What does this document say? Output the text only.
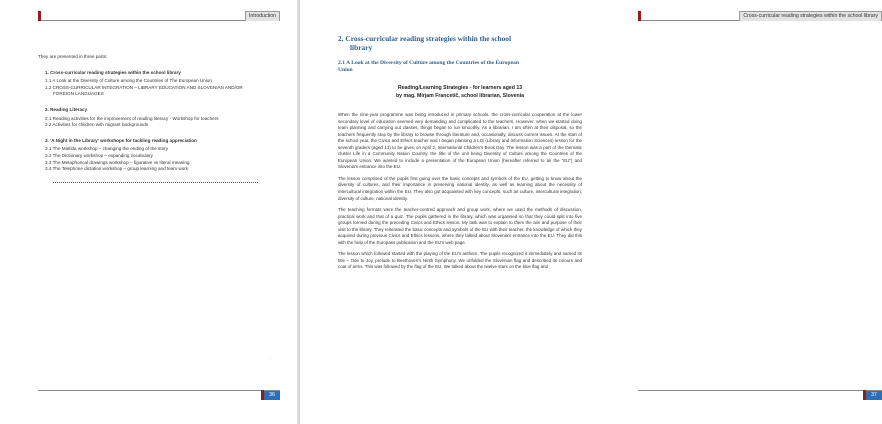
Introduction
They are presented in three parts:
1. Cross-curricular reading strategies within the school library
1.1 A Look at the Diversity of Culture among the Countries of The European Union
1.2 CROSS-CURRICULAR INTEGRATION – LIBRARY EDUCATION AND SLOVENIAN AND/OR
FOREIGN LANGUAGES
2. Reading Literacy
2.1 Reading activities for the improvement of reading literacy - Workshop for teachers
2.2 Activities for children with migrant backgrounds
3. 'A Night in the Library' workshops for tackling reading appreciation
3.1 The Matilda workshop – changing the ending of the story
3.2 The Dictionary workshop – expanding vocabulary
3.3 The Metaphorical drawings workshop – figurative vs literal meaning
3.4 The Telephone dictation workshop – group learning and team work
.
36
Cross-curricular reading strategies within the school library
37
2. Cross-curricular reading strategies within the school
library
2.1 A Look at the Diversity of Culture among the Countries of the European
Union
Reading/Learning Strategies - for learners aged 13
by mag. Mirjam Francetič, school librarian, Slovenia
When the nine-year programme was being introduced in primary schools, the cross-curricular cooperation at the lower secondary level of education seemed very demanding and complicated to the teachers. However, when we started doing team planning and carrying out classes, things began to run smoothly. As a librarian, I am often at their disposal, so the teachers frequently stop by the library to browse through literature and, occasionally, discuss current issues. At the start of the school year, the Civics and Ethics teacher and I began planning a LIS (Library and Information Sciences) lesson for the seventh graders (aged 13) to be given on April 2, International Children's Book Day. The lesson was a part of the thematic cluster Life in a Community Nation Country, the title of the unit being Diversity of Culture among the Countries of the European Union. We wanted to include a presentation of the European Union (hereafter referred to as the "EU") and Slovenia's entrance into the EU.
The lesson comprised of the pupils first going over the basic concepts and symbols of the EU, getting to know about the diversity of cultures, and their importance in preserving national identity, as well as learning about the necessity of intercultural integration within the EU. They also got acquainted with key concepts, such as culture, intercultural integration, diversity of culture, national identity.
The teaching formats were the teacher-centred approach and group work, where we used the methods of discussion, practical work and that of a quiz. The pupils gathered in the library, which was organised so that they could split into five groups formed during the preceding Civics and Ethics lesson. My task was to explain to them the aim and purpose of their visit to the library. They reiterated the basic concepts and symbols of the EU with their teacher, the knowledge of which they acquired during previous Civics and Ethics lessons, where they talked about Slovenia's entrance into the EU. They did this with the help of the Europass publication and the EU's web page.
The lesson which followed started with the playing of the EU's anthem. The pupils recognized it immediately and named its title – Ode to Joy, prelude to Beethoven's Ninth Symphony. We unfolded the Slovenian flag and described its colours and coat of arms. This was followed by the flag of the EU. We talked about the twelve stars on the blue flag and
